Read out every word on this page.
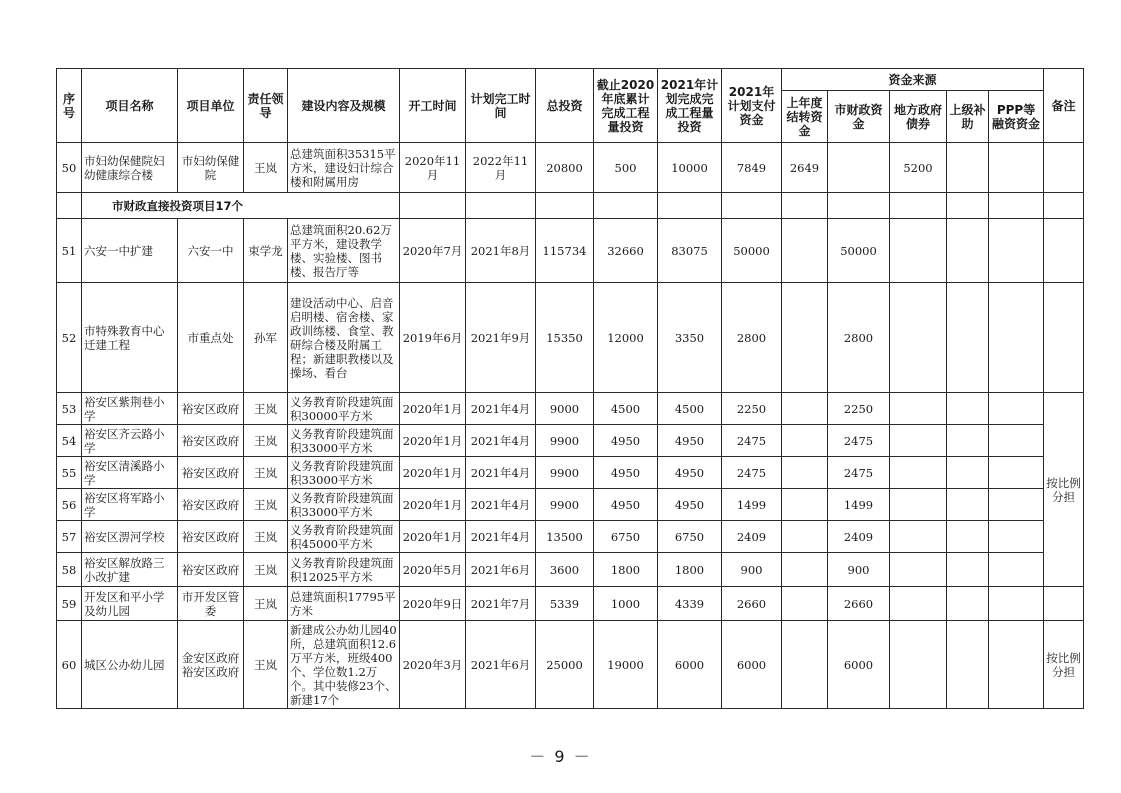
序号	项目名称	项目单位	责任领导	建设内容及规模	开工时间	计划完工时间	总投资	截止2020年底累计完成工程量投资	2021年计划完成完成工程量投资	2021年计划支付资金	资金来源					备注
											上年度结转资金	市财政资金	地方政府债券	上级补助	PPP等融资资金	
50	市妇幼保健院妇幼健康综合楼	市妇幼保健院	王岚	总建筑面积35315平方米，建设妇计综合楼和附属用房	2020年11月	2022年11月	20800	500	10000	7849	2649		5200			
	市财政直接投资项目17个															
51	六安一中扩建	六安一中	束学龙	总建筑面积20.62万平方米，建设教学楼、实验楼、图书楼、报告厅等	2020年7月	2021年8月	115734	32660	83075	50000		50000				
52	市特殊教育中心迁建工程	市重点处	孙军	建设活动中心、启音启明楼、宿舍楼、家政训练楼、食堂、教研综合楼及附属工程；新建职教楼以及操场、看台	2019年6月	2021年9月	15350	12000	3350	2800		2800				
53	裕安区紫荆巷小学	裕安区政府	王岚	义务教育阶段建筑面积30000平方米	2020年1月	2021年4月	9000	4500	4500	2250		2250				按比例分担
54	裕安区齐云路小学	裕安区政府	王岚	义务教育阶段建筑面积33000平方米	2020年1月	2021年4月	9900	4950	4950	2475		2475				
55	裕安区清溪路小学	裕安区政府	王岚	义务教育阶段建筑面积33000平方米	2020年1月	2021年4月	9900	4950	4950	2475		2475				
56	裕安区将军路小学	裕安区政府	王岚	义务教育阶段建筑面积33000平方米	2020年1月	2021年4月	9900	4950	4950	1499		1499				
57	裕安区淠河学校	裕安区政府	王岚	义务教育阶段建筑面积45000平方米	2020年1月	2021年4月	13500	6750	6750	2409		2409				
58	裕安区解放路三小改扩建	裕安区政府	王岚	义务教育阶段建筑面积12025平方米	2020年5月	2021年6月	3600	1800	1800	900		900				
59	开发区和平小学及幼儿园	市开发区管委	王岚	总建筑面积17795平方米	2020年9日	2021年7月	5339	1000	4339	2660		2660				
60	城区公办幼儿园	金安区政府裕安区政府	王岚	新建成公办幼儿园40所，总建筑面积12.6万平方米，班级400个、学位数1.2万个。其中装修23个、新建17个	2020年3月	2021年6月	25000	19000	6000	6000		6000				按比例分担
－ 9 －
